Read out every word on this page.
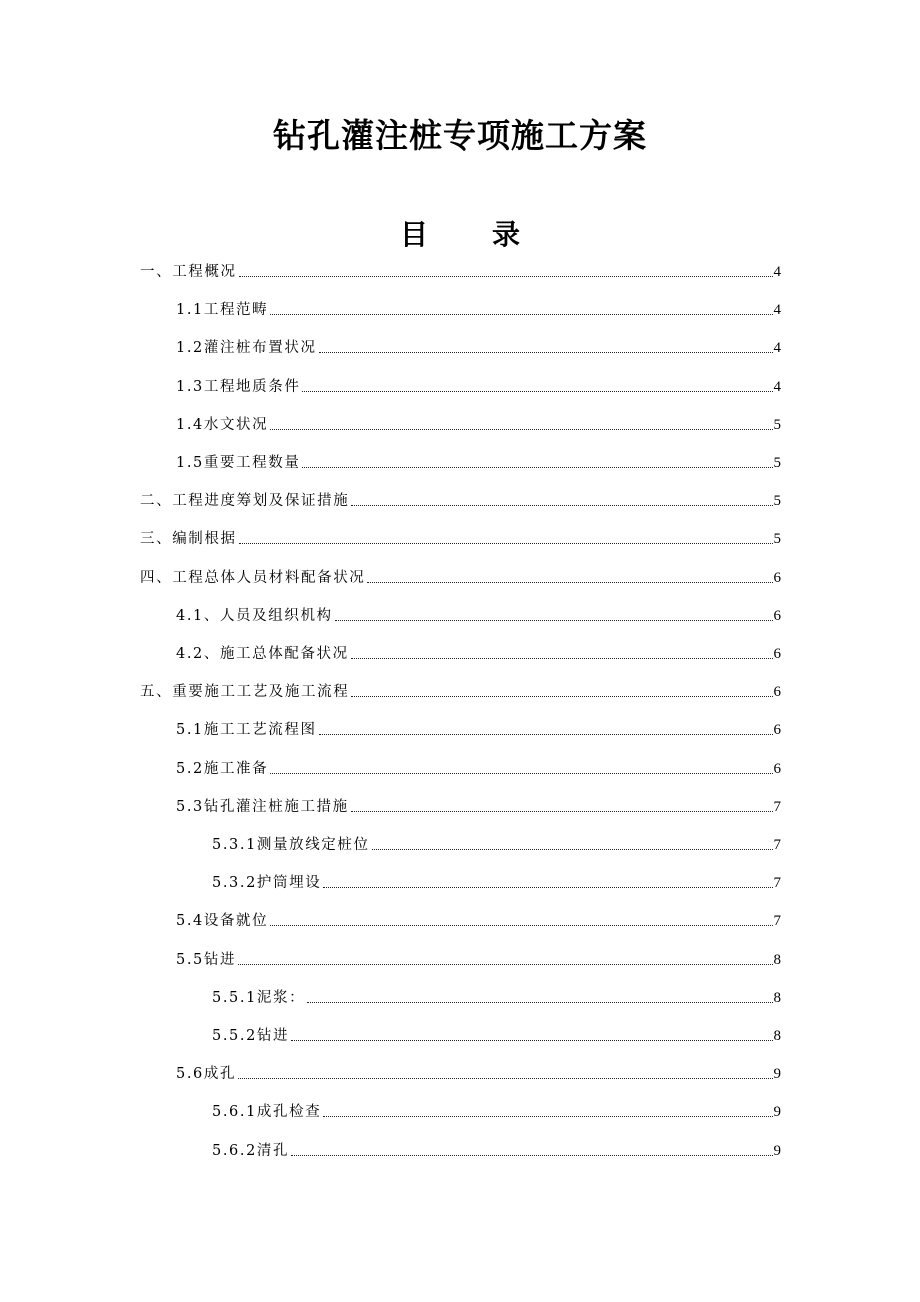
钻孔灌注桩专项施工方案
目 录
一、工程概况	4
1.1工程范畴	4
1.2灌注桩布置状况	4
1.3工程地质条件	4
1.4水文状况	5
1.5重要工程数量	5
二、工程进度筹划及保证措施	5
三、编制根据	5
四、工程总体人员材料配备状况	6
4.1、人员及组织机构	6
4.2、施工总体配备状况	6
五、重要施工工艺及施工流程	6
5.1施工工艺流程图	6
5.2施工准备	6
5.3钻孔灌注桩施工措施	7
5.3.1测量放线定桩位	7
5.3.2护筒埋设	7
5.4设备就位	7
5.5钻进	8
5.5.1泥浆：	8
5.5.2钻进	8
5.6成孔	9
5.6.1成孔检查	9
5.6.2清孔	9
